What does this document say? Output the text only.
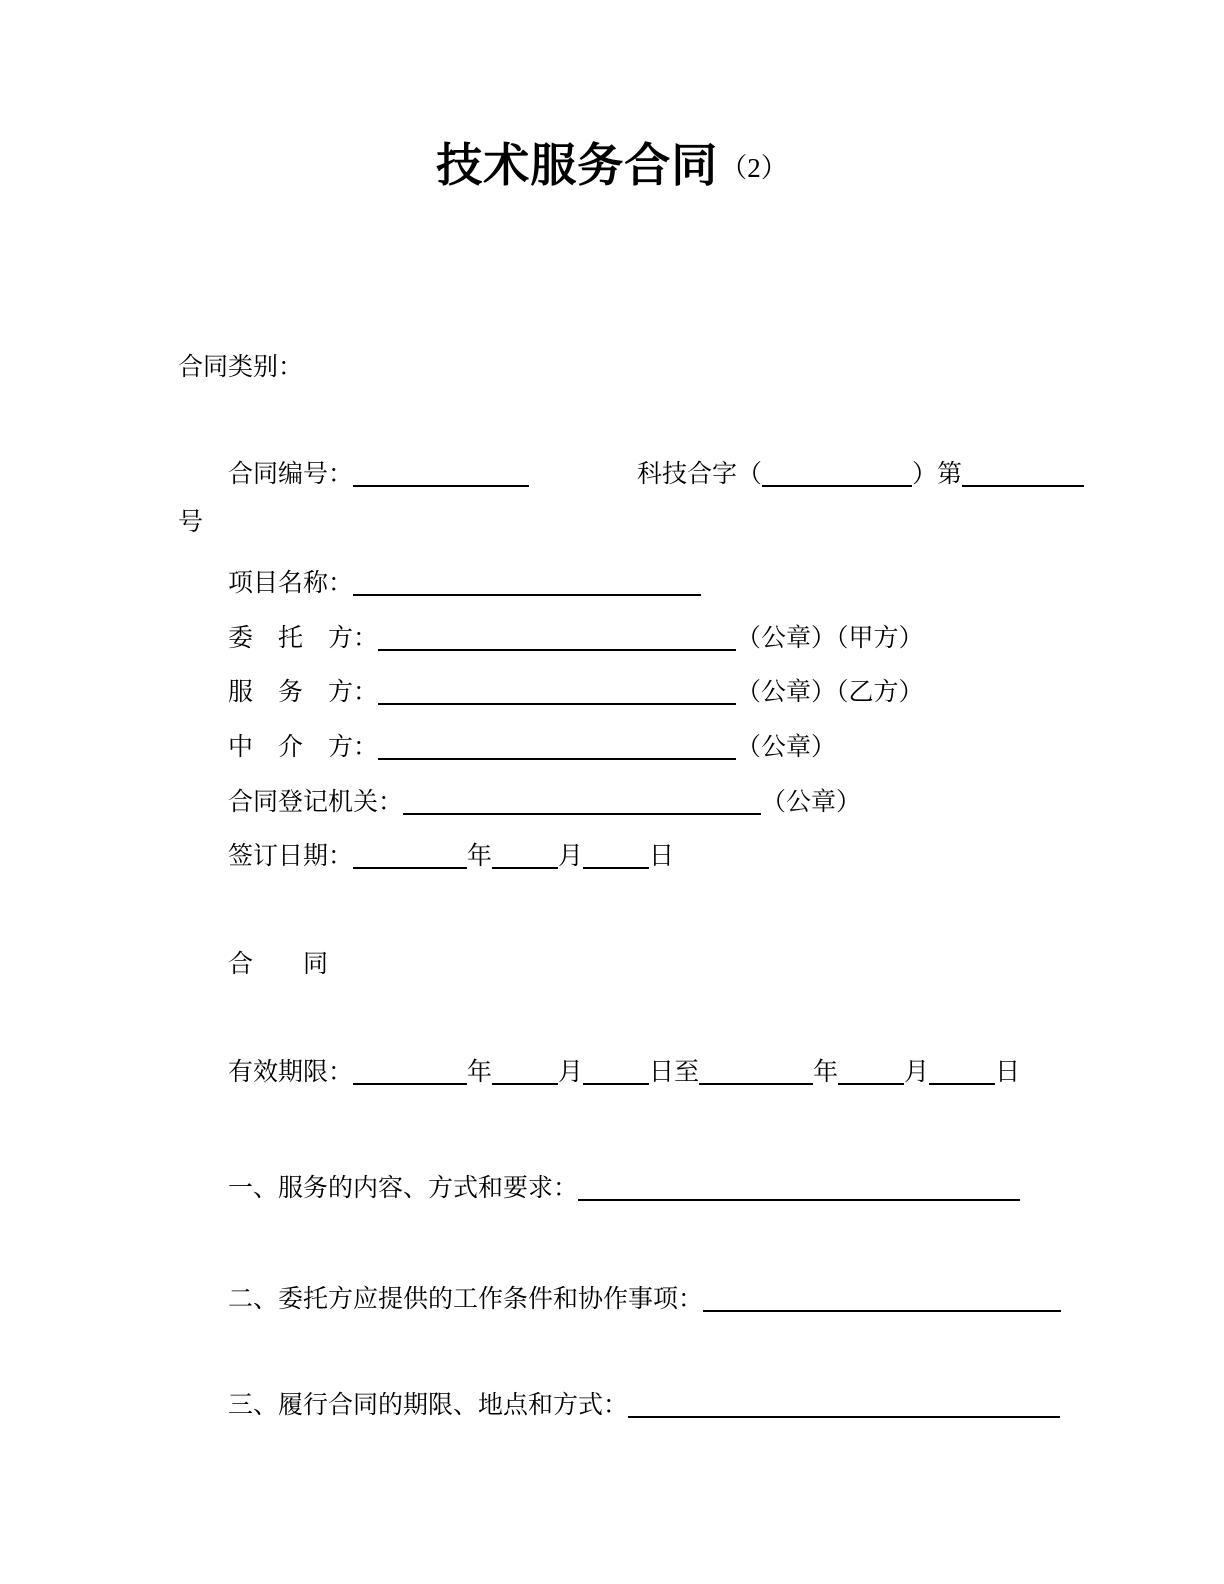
技术服务合同（2）
合同类别：
合同编号：	科技合字（	）第
号
项目名称：
委　托　方：	（公章）（甲方）
服　务　方：	（公章）（乙方）
中　介　方：	（公章）
合同登记机关：	（公章）
签订日期：	年	月	日
合　　同
有效期限：	年	月	日至	年	月	日
一、服务的内容、方式和要求：
二、委托方应提供的工作条件和协作事项：
三、履行合同的期限、地点和方式：
